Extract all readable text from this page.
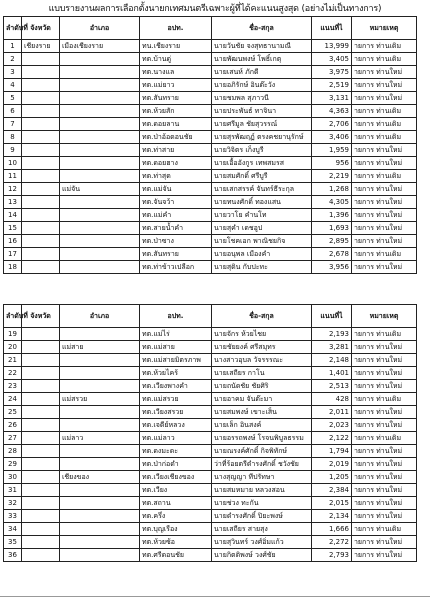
แบบรายงานผลการเลือกตั้งนายกเทศมนตรีเฉพาะผู้ที่ได้คะแนนสูงสุด (อย่างไม่เป็นทางการ)
ลำดับที่	จังหวัด	อำเภอ	อปท.	ชื่อ-สกุล	แนนที่ไ	หมายเหตุ
1	เชียงราย	เมืองเชียงราย	ทน.เชียงราย	นายวันชัย จงสุทธานามณี	13,999	ายการ ท่านเดิม
2			ทต.บ้านดู่	นายพัฒนพงษ์ โพธิ์เกตุ	3,405	ายการ ท่านเดิม
3			ทต.นางแล	นายเสนห์ ภักดี	3,975	ายการ ท่านใหม่
4			ทต.แม่ยาว	นายอภิรักษ์ อินต๊ะวัง	2,519	ายการ ท่านใหม่
5			ทต.สันทราย	นายชมพล สุภาวนี	3,131	ายการ ท่านใหม่
6			ทต.ห้วยสัก	นายประพันธ์ ทาจินา	4,363	ายการ ท่านเดิม
7			ทต.ดอยลาน	นายศรีมูล ชัยสุวรรณ์	2,706	ายการ ท่านเดิม
8			ทต.ป่าอ้อดอนชัย	นายสุรพัฒฤฏ์ ตรงคชยานุรักษ์	3,406	ายการ ท่านเดิม
9			ทต.ท่าสาย	นายวิจิตร เก็งบูรี	1,959	ายการ ท่านใหม่
10			ทต.ดอยฮาง	นายเอื้ออังกูร เทพสมรส	956	ายการ ท่านใหม่
11			ทต.ท่าสุด	นายสมศักดิ์ ศรีบูรี	2,219	ายการ ท่านเดิม
12		แม่จัน	ทต.แม่จัน	นายเสกสรรค์ จันทร์ธีระกุล	1,268	ายการ ท่านใหม่
13			ทต.จันจว้า	นายทนงศักดิ์ ทองแสน	4,305	ายการ ท่านใหม่
14			ทต.แม่คำ	นายวาโย คำนโท	1,396	ายการ ท่านใหม่
15			ทต.สายน้ำคำ	นายสุคำ เดชอูป	1,693	ายการ ท่านใหม่
16			ทต.ป่าซาง	นายโชคเอก พาณิชยกิจ	2,895	ายการ ท่านใหม่
17			ทต.สันทราย	นายอนุพล เมืองคำ	2,678	ายการ ท่านเดิม
18			ทต.ท่าข้าวเปลือก	นายสุดิน กับปะทะ	3,956	ายการ ท่านใหม่
ลำดับที่	จังหวัด	อำเภอ	อปท.	ชื่อ-สกุล	แนนที่ไ	หมายเหตุ
19			ทต.แม่ไร่	นายจักร ห้วยไชย	2,193	ายการ ท่านเดิม
20		แม่สาย	ทต.แม่สาย	นายชัยยงค์ ศรีสมุทร	3,281	ายการ ท่านใหม่
21			ทต.แม่สายมิตรภาพ	นางสาวอุบล วัจรรรณะ	2,148	ายการ ท่านใหม่
22			ทต.ห้วยไคร้	นายเสถียร กาโน	1,401	ายการ ท่านใหม่
23			ทต.เวียงพางคำ	นายถนัดชัย ชัยศิริ	2,513	ายการ ท่านใหม่
24		แม่สรวย	ทต.แม่สรวย	นายอาคม จันต๊ะมา	428	ายการ ท่านเดิม
25			ทต.เวียงสรวย	นายสมพงษ์ เขาะเส็น	2,011	ายการ ท่านใหม่
26			ทต.เจดีย์หลวง	นายเล็ก อินสงค์	2,023	ายการ ท่านใหม่
27		แม่ลาว	ทต.แม่ลาว	นายอรรถพงษ์ โรจนพิบูลธรรม	2,122	ายการ ท่านเดิม
28			ทต.ดงมะดะ	นายณรงค์ศักดิ์ กิจพิทักษ์	1,794	ายการ ท่านใหม่
29			ทต.ป่าก่อดำ	ว่าที่ร้อยตรีดำรงศักดิ์ ชวังชัย	2,019	ายการ ท่านใหม่
30		เชียงของ	ทต.เวียงเชียงของ	นางสุญญา ทีปรัทษา	1,205	ายการ ท่านใหม่
31			ทต.เวียง	นายสมหมาย หลวงสอน	2,384	ายการ ท่านใหม่
32			ทต.สถาน	นายช่วง ทะกัน	2,015	ายการ ท่านใหม่
33			ทต.ครึ่ง	นายดำรงศักดิ์ ปิยะพงษ์	2,134	ายการ ท่านใหม่
34			ทต.บุญเรือง	นายเสถียร สายสุง	1,666	ายการ ท่านเดิม
35			ทต.ห้วยซ้อ	นายสุวินทร์ วงศ์อิ่มแก้ว	2,272	ายการ ท่านใหม่
36			ทต.ศรีดอนชัย	นายกิตติพงษ์ วงศ์ชัย	2,793	ายการ ท่านใหม่
